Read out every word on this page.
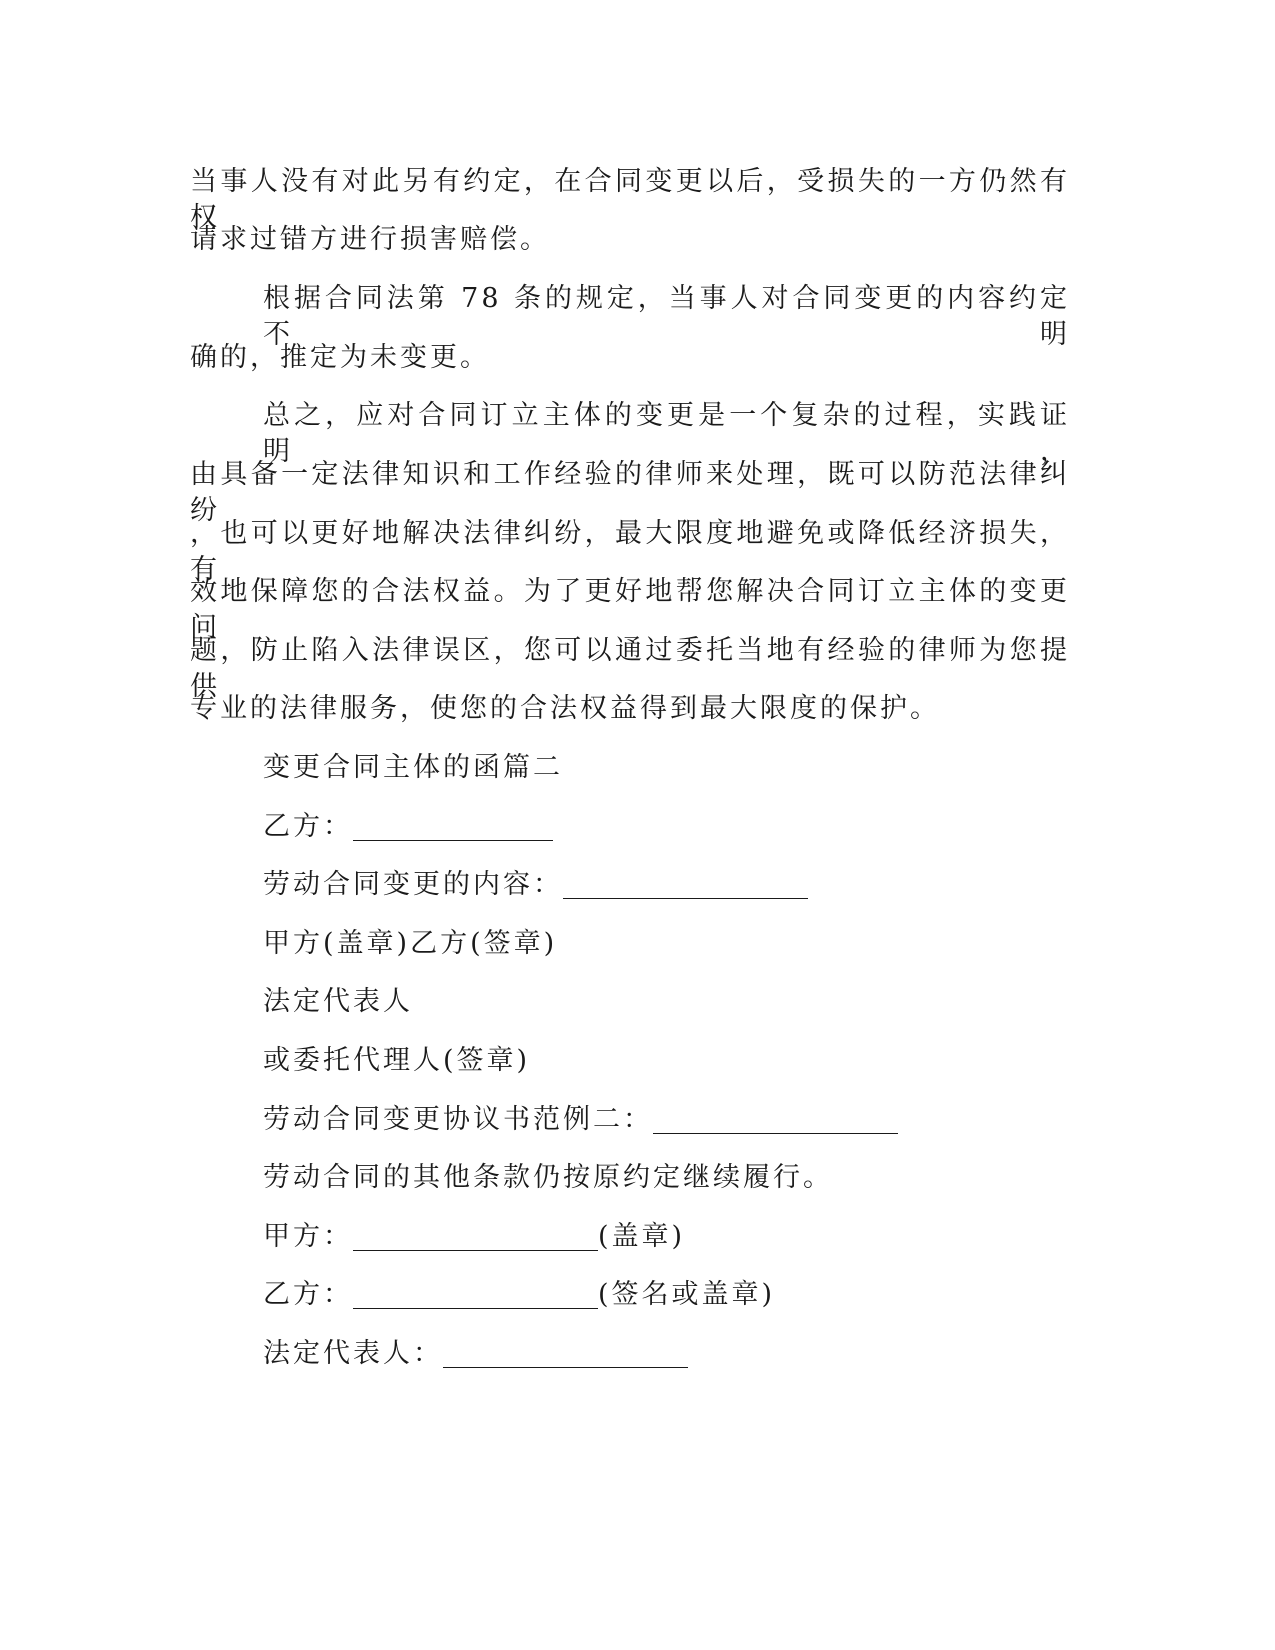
当事人没有对此另有约定，在合同变更以后，受损失的一方仍然有权
请求过错方进行损害赔偿。
根据合同法第 78 条的规定，当事人对合同变更的内容约定不明
确的，推定为未变更。
总之，应对合同订立主体的变更是一个复杂的过程，实践证明，
由具备一定法律知识和工作经验的律师来处理，既可以防范法律纠纷
，也可以更好地解决法律纠纷，最大限度地避免或降低经济损失，有
效地保障您的合法权益。为了更好地帮您解决合同订立主体的变更问
题，防止陷入法律误区，您可以通过委托当地有经验的律师为您提供
专业的法律服务，使您的合法权益得到最大限度的保护。
变更合同主体的函篇二
乙方：
劳动合同变更的内容：
甲方(盖章)乙方(签章)
法定代表人
或委托代理人(签章)
劳动合同变更协议书范例二：
劳动合同的其他条款仍按原约定继续履行。
甲方：	(盖章)
乙方：	(签名或盖章)
法定代表人：
